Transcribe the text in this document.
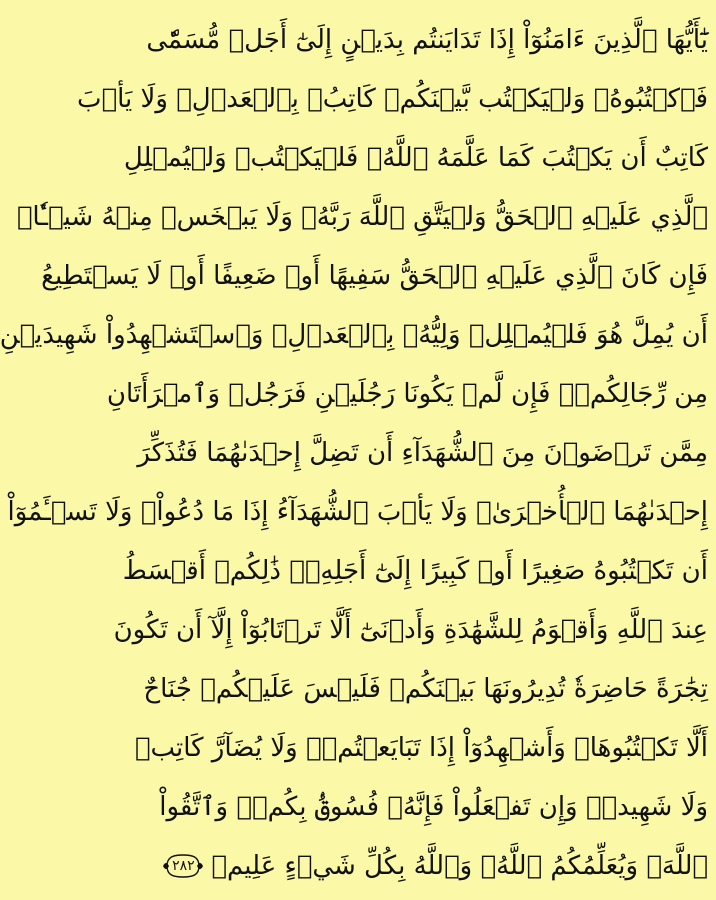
يَٰٓأَيُّهَا ٱلَّذِينَ ءَامَنُوٓاْ إِذَا تَدَايَنتُم بِدَيۡنٍ إِلَىٰٓ أَجَلٖ مُّسَمّٗى
فَٱكۡتُبُوهُۚ وَلۡيَكۡتُب بَّيۡنَكُمۡ كَاتِبُۢ بِٱلۡعَدۡلِۚ وَلَا يَأۡبَ
كَاتِبٌ أَن يَكۡتُبَ كَمَا عَلَّمَهُ ٱللَّهُۚ فَلۡيَكۡتُبۡ وَلۡيُمۡلِلِ
ٱلَّذِي عَلَيۡهِ ٱلۡحَقُّ وَلۡيَتَّقِ ٱللَّهَ رَبَّهُۥ وَلَا يَبۡخَسۡ مِنۡهُ شَيۡـٔٗاۚ
فَإِن كَانَ ٱلَّذِي عَلَيۡهِ ٱلۡحَقُّ سَفِيهًا أَوۡ ضَعِيفًا أَوۡ لَا يَسۡتَطِيعُ
أَن يُمِلَّ هُوَ فَلۡيُمۡلِلۡ وَلِيُّهُۥ بِٱلۡعَدۡلِۚ وَٱسۡتَشۡهِدُواْ شَهِيدَيۡنِ
مِن رِّجَالِكُمۡۖ فَإِن لَّمۡ يَكُونَا رَجُلَيۡنِ فَرَجُلٞ وَٱمۡرَأَتَانِ
مِمَّن تَرۡضَوۡنَ مِنَ ٱلشُّهَدَآءِ أَن تَضِلَّ إِحۡدَىٰهُمَا فَتُذَكِّرَ
إِحۡدَىٰهُمَا ٱلۡأُخۡرَىٰۚ وَلَا يَأۡبَ ٱلشُّهَدَآءُ إِذَا مَا دُعُواْۚ وَلَا تَسۡـَٔمُوٓاْ
أَن تَكۡتُبُوهُ صَغِيرًا أَوۡ كَبِيرًا إِلَىٰٓ أَجَلِهِۦۚ ذَٰلِكُمۡ أَقۡسَطُ
عِندَ ٱللَّهِ وَأَقۡوَمُ لِلشَّهَٰدَةِ وَأَدۡنَىٰٓ أَلَّا تَرۡتَابُوٓاْ إِلَّآ أَن تَكُونَ
تِجَٰرَةً حَاضِرَةٗ تُدِيرُونَهَا بَيۡنَكُمۡ فَلَيۡسَ عَلَيۡكُمۡ جُنَاحٌ
أَلَّا تَكۡتُبُوهَاۗ وَأَشۡهِدُوٓاْ إِذَا تَبَايَعۡتُمۡۚ وَلَا يُضَآرَّ كَاتِبٞ
وَلَا شَهِيدٞۚ وَإِن تَفۡعَلُواْ فَإِنَّهُۥ فُسُوقُۢ بِكُمۡۗ وَٱتَّقُواْ
ٱللَّهَۖ وَيُعَلِّمُكُمُ ٱللَّهُۗ وَٱللَّهُ بِكُلِّ شَيۡءٍ عَلِيمٞ
٢٨٢
